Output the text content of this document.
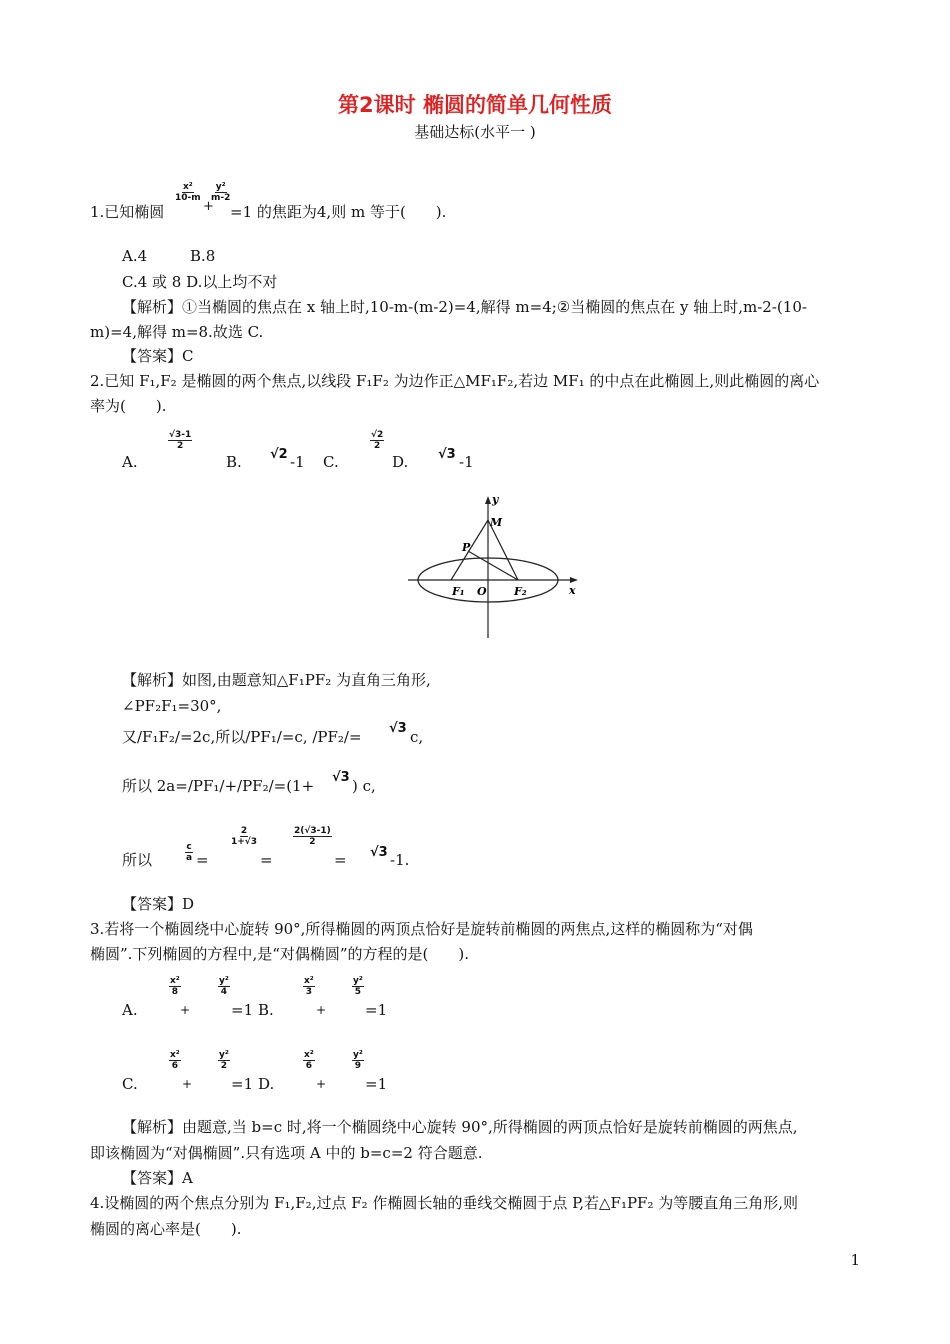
第2课时 椭圆的简单几何性质
基础达标(水平一 )
1.已知椭圆
$\frac{\text{x²}}{10-m}$
+
$\frac{\text{y²}}{m-2}$
=1 的焦距为4,则 m 等于(　　).
A.4	B.8
C.4 或 8 D.以上均不对
【解析】①当椭圆的焦点在 x 轴上时,10-m-(m-2)=4,解得 m=4;②当椭圆的焦点在 y 轴上时,m-2-(10-
m)=4,解得 m=8.故选 C.
【答案】C
2.已知 F₁,F₂ 是椭圆的两个焦点,以线段 F₁F₂ 为边作正△MF₁F₂,若边 MF₁ 的中点在此椭圆上,则此椭圆的离心
率为(　　).
A.
$\frac{√3-1}{2}$
B. √2 -1 C.
$\frac{√2}{2}$
D. √3 -1
y
x
M
P
F₁ O F₂
【解析】如图,由题意知△F₁PF₂ 为直角三角形,
∠PF₂F₁=30°,
又/F₁F₂/=2c,所以/PF₁/=c, /PF₂/= √3 c,
所以 2a=/PF₁/+/PF₂/=(1+ √3 ) c,
所以	$\frac{c}{a}$ =
$\frac{2}{1+√3}$
=
$\frac{2(√3-1)}{2}$
= √3 -1.
【答案】D
3.若将一个椭圆绕中心旋转 90°,所得椭圆的两顶点恰好是旋转前椭圆的两焦点,这样的椭圆称为“对偶
椭圆”.下列椭圆的方程中,是“对偶椭圆”的方程的是(　　).
A.
$\frac{\text{x²}}{8}$
+
$\frac{\text{y²}}{4}$
=1 B.
$\frac{\text{x²}}{3}$
+
$\frac{\text{y²}}{5}$
=1
C.
$\frac{\text{x²}}{6}$
+
$\frac{\text{y²}}{2}$
=1 D.
$\frac{\text{x²}}{6}$
+
$\frac{\text{y²}}{9}$
=1
【解析】由题意,当 b=c 时,将一个椭圆绕中心旋转 90°,所得椭圆的两顶点恰好是旋转前椭圆的两焦点,
即该椭圆为“对偶椭圆”.只有选项 A 中的 b=c=2 符合题意.
【答案】A
4.设椭圆的两个焦点分别为 F₁,F₂,过点 F₂ 作椭圆长轴的垂线交椭圆于点 P,若△F₁PF₂ 为等腰直角三角形,则
椭圆的离心率是(　　).
1
